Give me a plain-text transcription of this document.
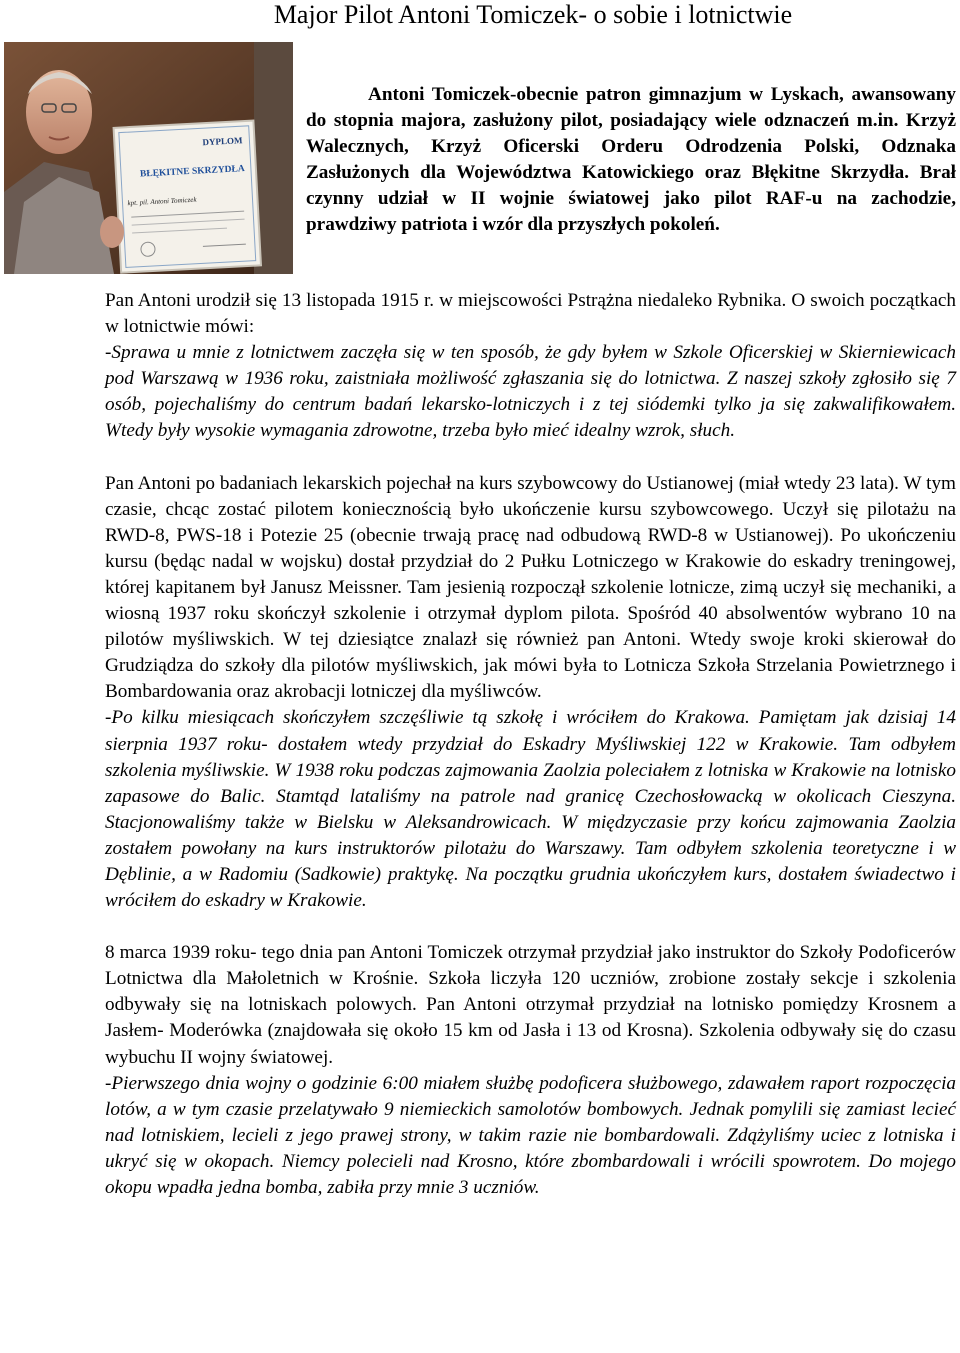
Major Pilot Antoni Tomiczek- o sobie i lotnictwie
DYPLOM
BŁĘKITNE SKRZYDŁA
kpt. pil. Antoni Tomiczek
Antoni Tomiczek-obecnie patron gimnazjum w Lyskach, awansowany do stopnia majora, zasłużony pilot, posiadający wiele odznaczeń m.in. Krzyż Walecznych, Krzyż Oficerski Orderu Odrodzenia Polski, Odznaka Zasłużonych dla Województwa Katowickiego oraz Błękitne Skrzydła. Brał czynny udział w II wojnie światowej jako pilot RAF-u na zachodzie, prawdziwy patriota i wzór dla przyszłych pokoleń.

Pan Antoni urodził się 13 listopada 1915 r. w miejscowości Pstrążna niedaleko Rybnika. O swoich początkach w lotnictwie mówi:

-Sprawa u mnie z lotnictwem zaczęła się w ten sposób, że gdy byłem w Szkole Oficerskiej w Skierniewicach pod Warszawą w 1936 roku, zaistniała możliwość zgłaszania się do lotnictwa. Z naszej szkoły zgłosiło się 7 osób, pojechaliśmy do centrum badań lekarsko-lotniczych i z tej siódemki tylko ja się zakwalifikowałem. Wtedy były wysokie wymagania zdrowotne, trzeba było mieć idealny wzrok, słuch.

Pan Antoni po badaniach lekarskich pojechał na kurs szybowcowy do Ustianowej (miał wtedy 23 lata). W tym czasie, chcąc zostać pilotem koniecznością było ukończenie kursu szybowcowego. Uczył się pilotażu na RWD-8, PWS-18 i Potezie 25 (obecnie trwają pracę nad odbudową RWD-8 w Ustianowej). Po ukończeniu kursu (będąc nadal w wojsku) dostał przydział do 2 Pułku Lotniczego w Krakowie do eskadry treningowej, której kapitanem był Janusz Meissner. Tam jesienią rozpoczął szkolenie lotnicze, zimą uczył się mechaniki, a wiosną 1937 roku skończył szkolenie i otrzymał dyplom pilota. Spośród 40 absolwentów wybrano 10 na pilotów myśliwskich. W tej dziesiątce znalazł się również pan Antoni. Wtedy swoje kroki skierował do Grudziądza do szkoły dla pilotów myśliwskich, jak mówi była to Lotnicza Szkoła Strzelania Powietrznego i Bombardowania oraz akrobacji lotniczej dla myśliwców.

-Po kilku miesiącach skończyłem szczęśliwie tą szkołę i wróciłem do Krakowa. Pamiętam jak dzisiaj 14 sierpnia 1937 roku- dostałem wtedy przydział do Eskadry Myśliwskiej 122 w Krakowie. Tam odbyłem szkolenia myśliwskie. W 1938 roku podczas zajmowania Zaolzia poleciałem z lotniska w Krakowie na lotnisko zapasowe do Balic. Stamtąd lataliśmy na patrole nad granicę Czechosłowacką w okolicach Cieszyna. Stacjonowaliśmy także w Bielsku w Aleksandrowicach. W międzyczasie przy końcu zajmowania Zaolzia zostałem powołany na kurs instruktorów pilotażu do Warszawy. Tam odbyłem szkolenia teoretyczne i w Dęblinie, a w Radomiu (Sadkowie) praktykę. Na początku grudnia ukończyłem kurs, dostałem świadectwo i wróciłem do eskadry w Krakowie.

8 marca 1939 roku- tego dnia pan Antoni Tomiczek otrzymał przydział jako instruktor do Szkoły Podoficerów Lotnictwa dla Małoletnich w Krośnie. Szkoła liczyła 120 uczniów, zrobione zostały sekcje i szkolenia odbywały się na lotniskach polowych. Pan Antoni otrzymał przydział na lotnisko pomiędzy Krosnem a Jasłem- Moderówka (znajdowała się około 15 km od Jasła i 13 od Krosna). Szkolenia odbywały się do czasu wybuchu II wojny światowej.

-Pierwszego dnia wojny o godzinie 6:00 miałem służbę podoficera służbowego, zdawałem raport rozpoczęcia lotów, a w tym czasie przelatywało 9 niemieckich samolotów bombowych. Jednak pomylili się zamiast lecieć nad lotniskiem, lecieli z jego prawej strony, w takim razie nie bombardowali. Zdążyliśmy uciec z lotniska i ukryć się w okopach. Niemcy polecieli nad Krosno, które zbombardowali i wrócili spowrotem. Do mojego okopu wpadła jedna bomba, zabiła przy mnie 3 uczniów.
